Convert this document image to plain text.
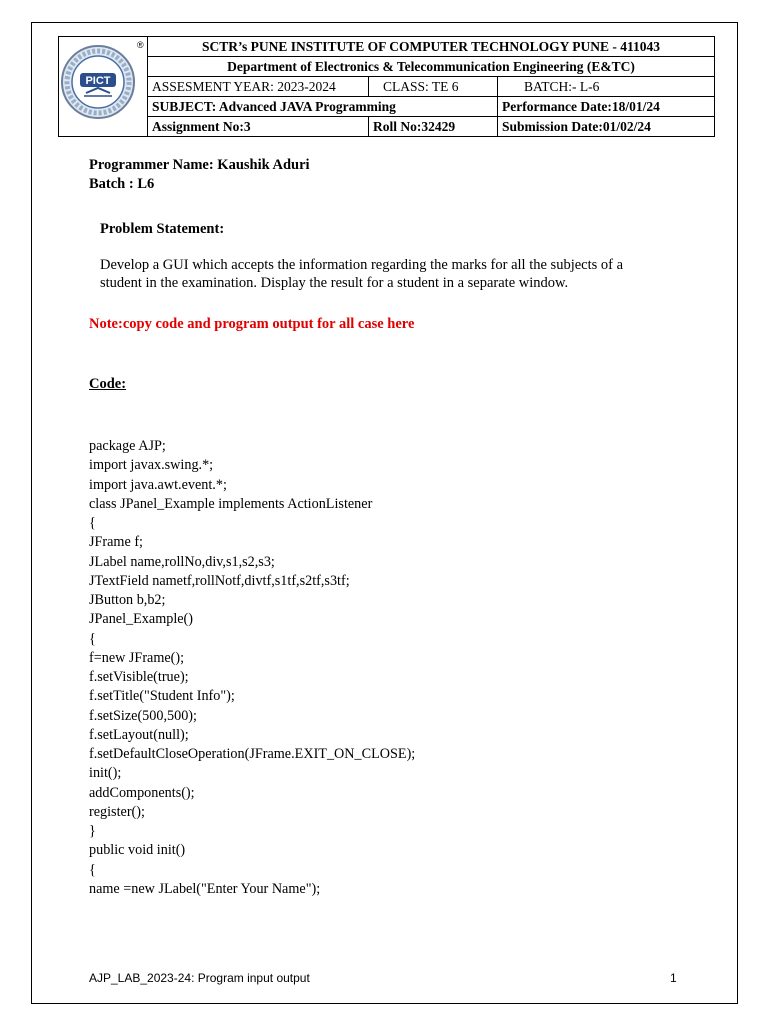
	SCTR’s PUNE INSTITUTE OF COMPUTER TECHNOLOGY PUNE - 411043		
	Department of Electronics & Telecommunication Engineering (E&TC)		
	ASSESMENT YEAR: 2023-2024	CLASS: TE 6	BATCH:- L-6
	SUBJECT: Advanced JAVA Programming		Performance Date:18/01/24
	Assignment No:3	Roll No:32429	Submission Date:01/02/24
PICT
®
Programmer Name: Kaushik Aduri
Batch : L6
Problem Statement:
Develop a GUI which accepts the information regarding the marks for all the subjects of a
student in the examination. Display the result for a student in a separate window.
Note:copy code and program output for all case here
Code:
package AJP;
import javax.swing.*;
import java.awt.event.*;
class JPanel_Example implements ActionListener
{
JFrame f;
JLabel name,rollNo,div,s1,s2,s3;
JTextField nametf,rollNotf,divtf,s1tf,s2tf,s3tf;
JButton b,b2;
JPanel_Example()
{
f=new JFrame();
f.setVisible(true);
f.setTitle("Student Info");
f.setSize(500,500);
f.setLayout(null);
f.setDefaultCloseOperation(JFrame.EXIT_ON_CLOSE);
init();
addComponents();
register();
}
public void init()
{
name =new JLabel("Enter Your Name");
AJP_LAB_2023-24: Program input output	1
